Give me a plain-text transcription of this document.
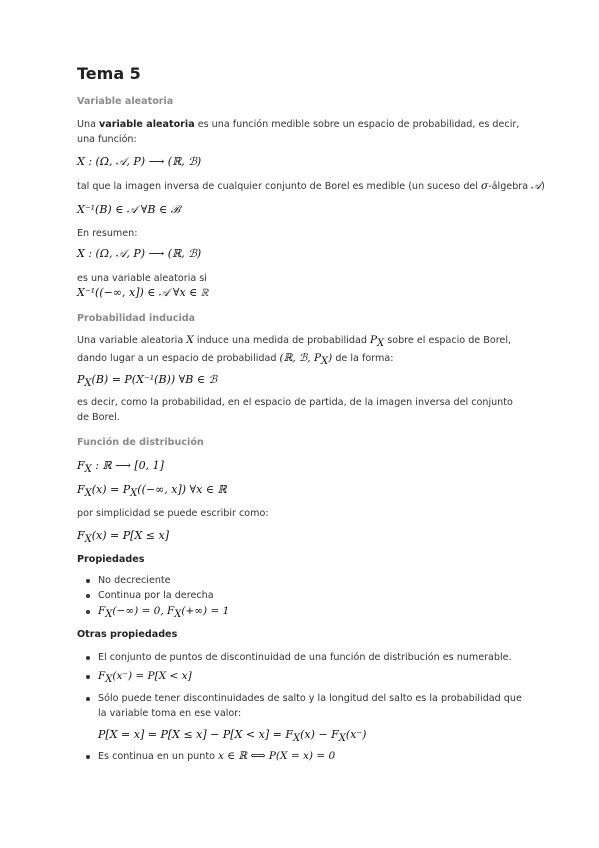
Tema 5
Variable aleatoria
Una variable aleatoria es una función medible sobre un espacio de probabilidad, es decir, una función:
X : (Ω, 𝒜, P) ⟶ (ℝ, ℬ)
tal que la imagen inversa de cualquier conjunto de Borel es medible (un suceso del σ-álgebra 𝒜)
X⁻¹(B) ∈ 𝒜 ∀B ∈ ℬ
En resumen:
X : (Ω, 𝒜, P) ⟶ (ℝ, ℬ)
es una variable aleatoria si
X⁻¹((−∞, x]) ∈ 𝒜 ∀x ∈ ℝ
Probabilidad inducida
Una variable aleatoria X induce una medida de probabilidad $P_X$ sobre el espacio de Borel, dando lugar a un espacio de probabilidad (ℝ, ℬ, $P_X$) de la forma:
$P_X(B) = P(X^{-1}(B))$ ∀B ∈ ℬ
es decir, como la probabilidad, en el espacio de partida, de la imagen inversa del conjunto de Borel.
Función de distribución
$F_X$ : ℝ ⟶ [0, 1]
$F_X(x) = P_X((-\infty$, x]) ∀x ∈ ℝ
por simplicidad se puede escribir como:
$F_X(x) = P[X \le x]$
Propiedades
No decreciente
Continua por la derecha
$F_X(-\infty) = 0$, $F_X(+\infty) = 1$
Otras propiedades
El conjunto de puntos de discontinuidad de una función de distribución es numerable.
$F_X(x^-) = P[X < x]$
Sólo puede tener discontinuidades de salto y la longitud del salto es la probabilidad que la variable toma en ese valor:
$P[X = x] = P[X \le x] - P[X < x] = F_X(x) - F_X(x^-)$
Es continua en un punto x ∈ ℝ ⟺ P(X = x) = 0
